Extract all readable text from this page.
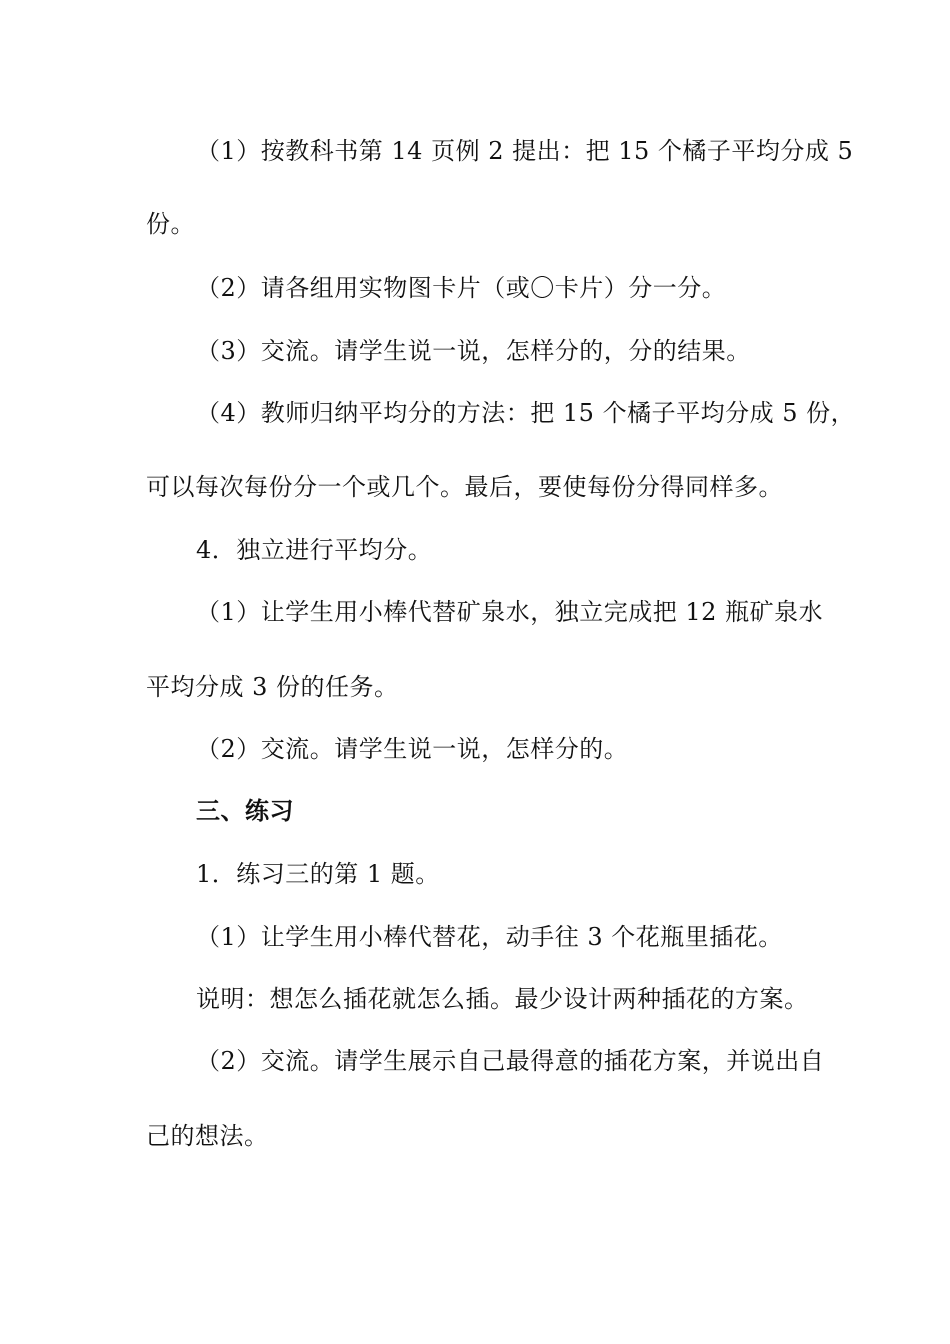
（1）按教科书第 14 页例 2 提出：把 15 个橘子平均分成 5
份。
（2）请各组用实物图卡片（或〇卡片）分一分。
（3）交流。请学生说一说，怎样分的，分的结果。
（4）教师归纳平均分的方法：把 15 个橘子平均分成 5 份，
可以每次每份分一个或几个。最后，要使每份分得同样多。
4．独立进行平均分。
（1）让学生用小棒代替矿泉水，独立完成把 12 瓶矿泉水
平均分成 3 份的任务。
（2）交流。请学生说一说，怎样分的。
三、练习
1．练习三的第 1 题。
（1）让学生用小棒代替花，动手往 3 个花瓶里插花。
说明：想怎么插花就怎么插。最少设计两种插花的方案。
（2）交流。请学生展示自己最得意的插花方案，并说出自
己的想法。
